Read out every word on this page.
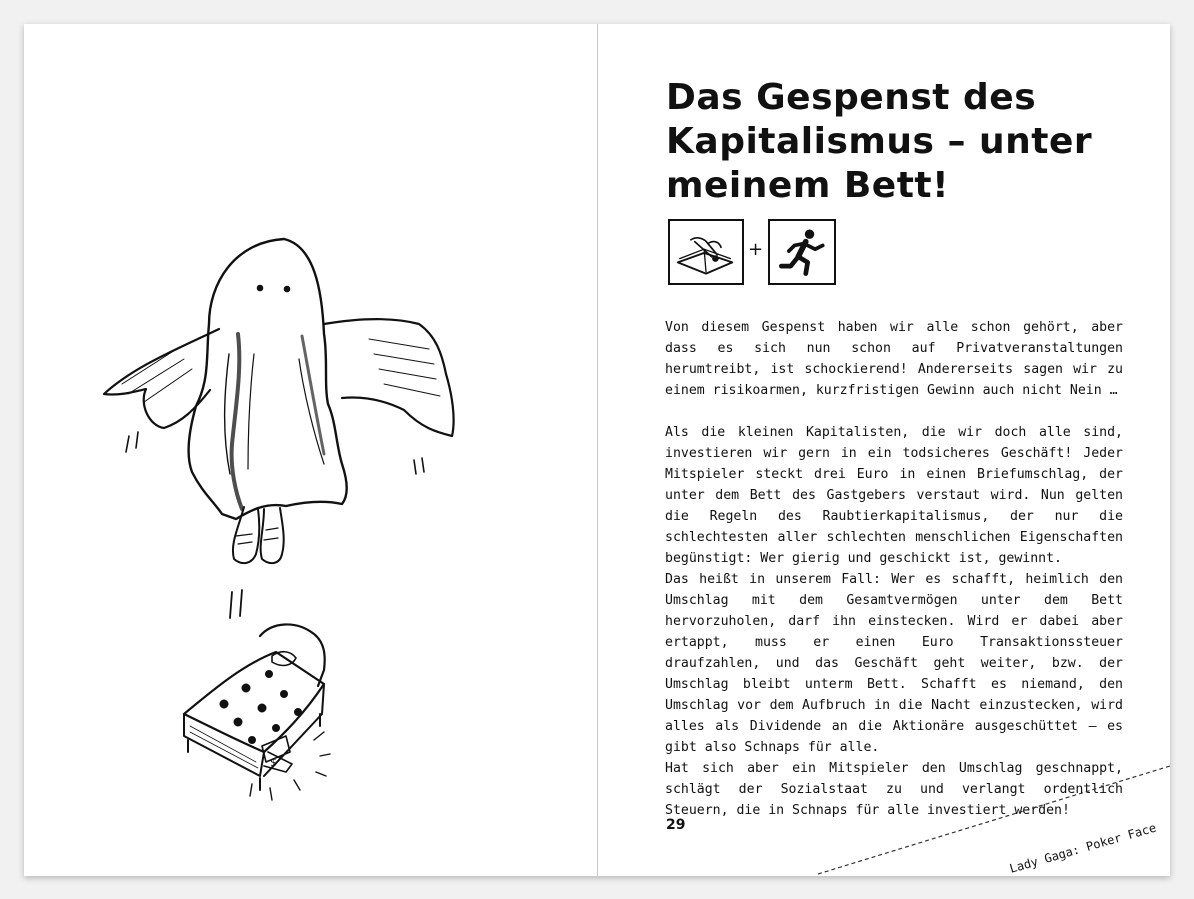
$
Das Gespenst des Kapitalismus – unter meinem Bett!
+

Von diesem Gespenst haben wir alle schon gehört, aber dass es sich nun schon auf Privatveranstaltungen herumtreibt, ist schockierend! Andererseits sagen wir zu einem risikoarmen, kurzfristigen Gewinn auch nicht Nein …

Als die kleinen Kapitalisten, die wir doch alle sind, investieren wir gern in ein todsicheres Geschäft! Jeder Mitspieler steckt drei Euro in einen Briefumschlag, der unter dem Bett des Gastgebers verstaut wird. Nun gelten die Regeln des Raubtierkapitalismus, der nur die schlechtesten aller schlechten menschlichen Eigenschaften begünstigt: Wer gierig und geschickt ist, gewinnt.

Das heißt in unserem Fall: Wer es schafft, heimlich den Umschlag mit dem Gesamtvermögen unter dem Bett hervorzuholen, darf ihn einstecken. Wird er dabei aber ertappt, muss er einen Euro Transaktionssteuer draufzahlen, und das Geschäft geht weiter, bzw. der Umschlag bleibt unterm Bett. Schafft es niemand, den Umschlag vor dem Aufbruch in die Nacht einzustecken, wird alles als Dividende an die Aktionäre ausgeschüttet – es gibt also Schnaps für alle.

Hat sich aber ein Mitspieler den Umschlag geschnappt, schlägt der Sozialstaat zu und verlangt ordentlich Steuern, die in Schnaps für alle investiert werden!

29	Lady Gaga: Poker Face
